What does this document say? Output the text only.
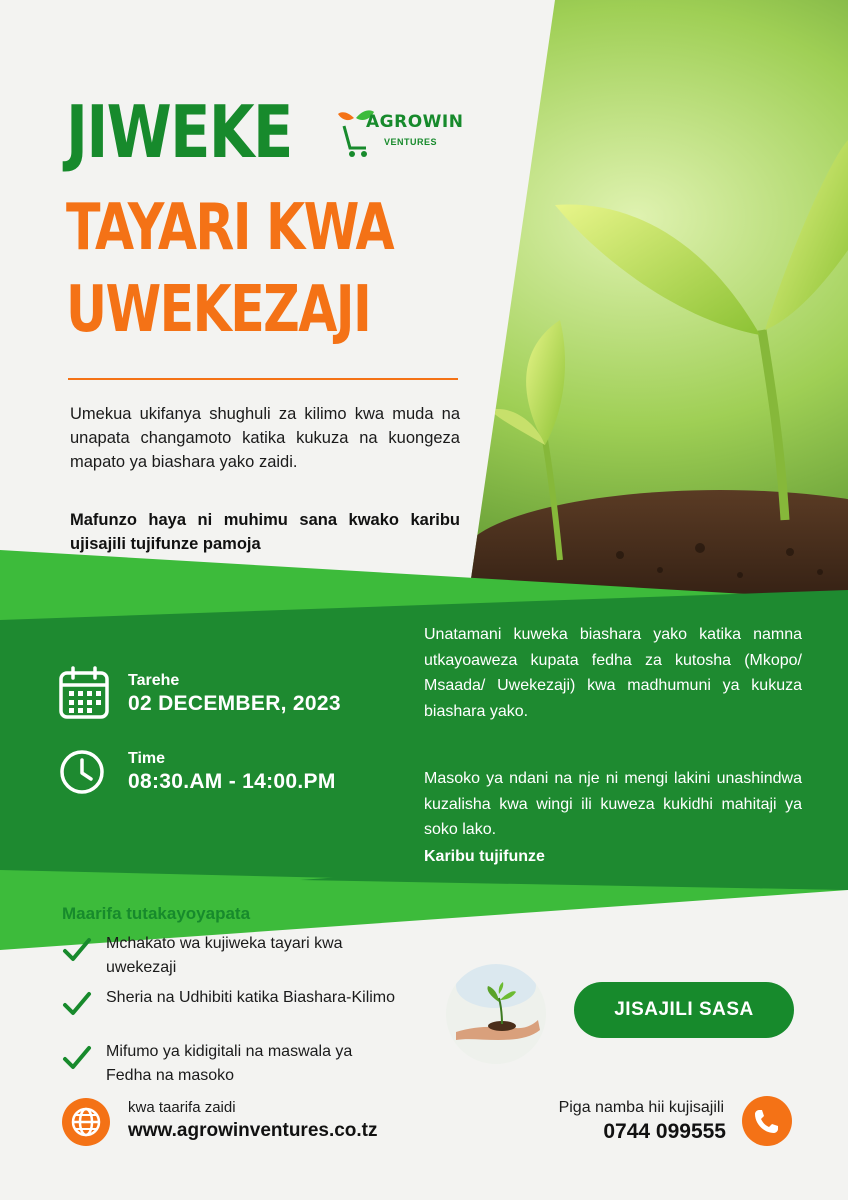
JIWEKE
TAYARI KWA
UWEKEZAJI
AGROWIN
VENTURES
Umekua ukifanya shughuli za kilimo kwa muda na unapata changamoto katika kukuza na kuongeza mapato ya biashara yako zaidi.
Mafunzo haya ni muhimu sana kwako karibu ujisajili tujifunze pamoja
Tarehe
02 DECEMBER, 2023
Time
08:30.AM - 14:00.PM
Unatamani kuweka biashara yako katika namna utkayoaweza kupata fedha za kutosha (Mkopo/ Msaada/ Uwekezaji) kwa madhumuni ya kukuza biashara yako.
Masoko ya ndani na nje ni mengi lakini unashindwa kuzalisha kwa wingi ili kuweza kukidhi mahitaji ya soko lako.
Karibu tujifunze
Maarifa tutakayoyapata
Mchakato wa kujiweka tayari kwa uwekezaji
Sheria na Udhibiti katika Biashara-Kilimo
Mifumo ya kidigitali na maswala ya Fedha na masoko
JISAJILI SASA
kwa taarifa zaidi
www.agrowinventures.co.tz
Piga namba hii kujisajili
0744 099555
